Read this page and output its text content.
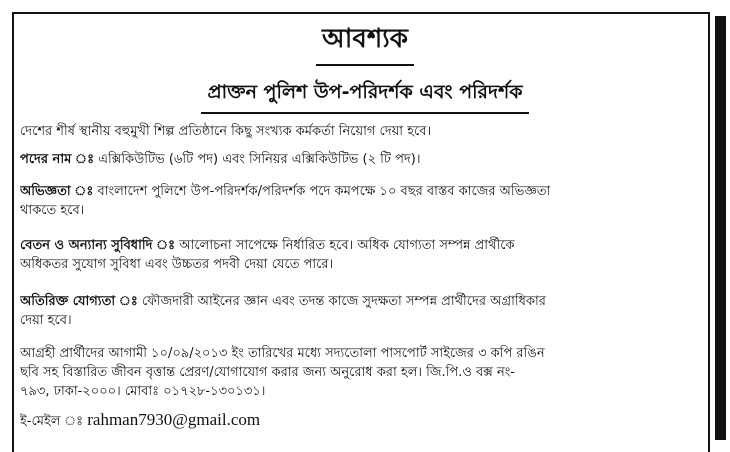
আবশ্যক
প্রাক্তন পুলিশ উপ-পরিদর্শক এবং পরিদর্শক
দেশের শীর্ষ স্থানীয় বহুমুখী শিল্প প্রতিষ্ঠানে কিছু সংখ্যক কর্মকর্তা নিয়োগ দেয়া হবে।
পদের নাম ঃ এক্সিকিউটিভ (৬টি পদ) এবং সিনিয়র এক্সিকিউটিভ (২ টি পদ)।
অভিজ্ঞতা ঃ বাংলাদেশ পুলিশে উপ-পরিদর্শক/পরিদর্শক পদে কমপক্ষে ১০ বছর বাস্তব কাজের অভিজ্ঞতা
থাকতে হবে।
বেতন ও অন্যান্য সুবিধাদি ঃ আলোচনা সাপেক্ষে নির্ধারিত হবে। অধিক যোগ্যতা সম্পন্ন প্রার্থীকে
অধিকতর সুযোগ সুবিধা এবং উচ্চতর পদবী দেয়া যেতে পারে।
অতিরিক্ত যোগ্যতা ঃ ফৌজদারী আইনের জ্ঞান এবং তদন্ত কাজে সুদক্ষতা সম্পন্ন প্রার্থীদের অগ্রাধিকার
দেয়া হবে।
আগ্রহী প্রার্থীদের আগামী ১০/০৯/২০১৩ ইং তারিখের মধ্যে সদ্যতোলা পাসপোর্ট সাইজের ৩ কপি রঙিন
ছবি সহ বিস্তারিত জীবন বৃত্তান্ত প্রেরণ/যোগাযোগ করার জন্য অনুরোধ করা হল। জি.পি.ও বক্স নং-
৭৯৩, ঢাকা-২০০০। মোবাঃ ০১৭২৮-১৩০১৩১।
ই-মেইল ঃ rahman7930@gmail.com
